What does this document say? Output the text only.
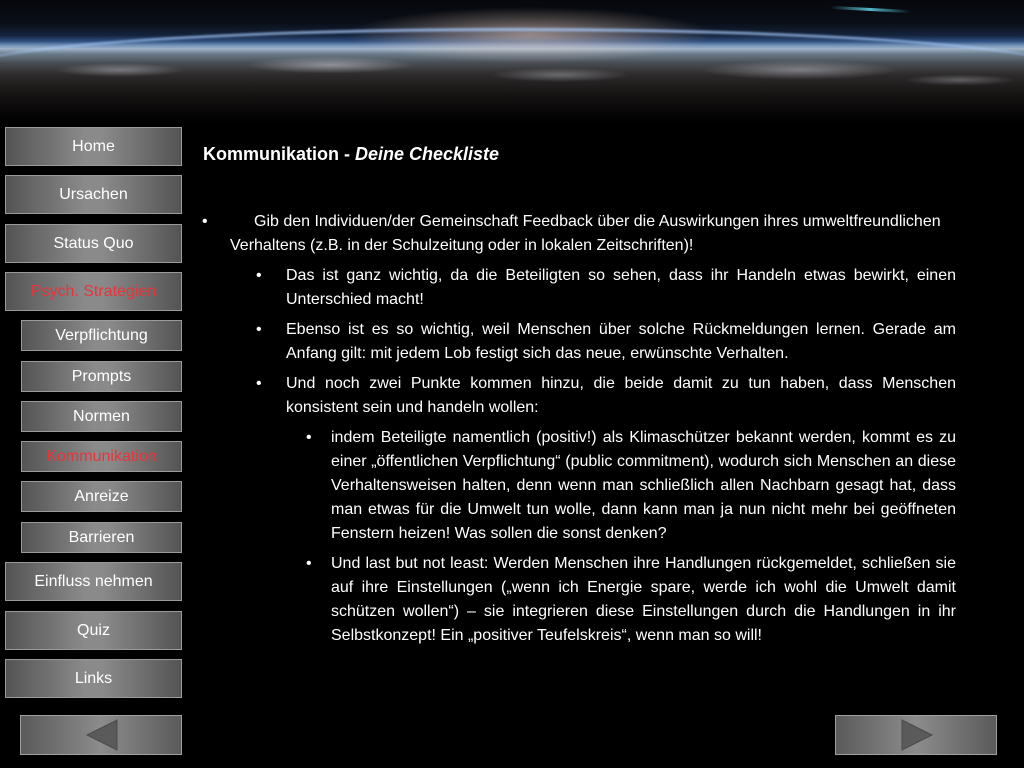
Home
Ursachen
Status Quo
Psych. Strategien
Verpflichtung
Prompts
Normen
Kommunikation
Anreize
Barrieren
Einfluss nehmen
Quiz
Links
Kommunikation - Deine Checkliste
•	Gib den Individuen/der Gemeinschaft Feedback über die Auswirkungen ihres umweltfreundlichen Verhaltens (z.B. in der Schulzeitung oder in lokalen Zeitschriften)!
• Das ist ganz wichtig, da die Beteiligten so sehen, dass ihr Handeln etwas bewirkt, einen Unterschied macht!
• Ebenso ist es so wichtig, weil Menschen über solche Rückmeldungen lernen. Gerade am Anfang gilt: mit jedem Lob festigt sich das neue, erwünschte Verhalten.
• Und noch zwei Punkte kommen hinzu, die beide damit zu tun haben, dass Menschen konsistent sein und handeln wollen:
• indem Beteiligte namentlich (positiv!) als Klimaschützer bekannt werden, kommt es zu einer „öffentlichen Verpflichtung“ (public commitment), wodurch sich Menschen an diese Verhaltensweisen halten, denn wenn man schließlich allen Nachbarn gesagt hat, dass man etwas für die Umwelt tun wolle, dann kann man ja nun nicht mehr bei geöffneten Fenstern heizen! Was sollen die sonst denken?
• Und last but not least: Werden Menschen ihre Handlungen rückgemeldet, schließen sie auf ihre Einstellungen („wenn ich Energie spare, werde ich wohl die Umwelt damit schützen wollen“) – sie integrieren diese Einstellungen durch die Handlungen in ihr Selbstkonzept! Ein „positiver Teufelskreis“, wenn man so will!
